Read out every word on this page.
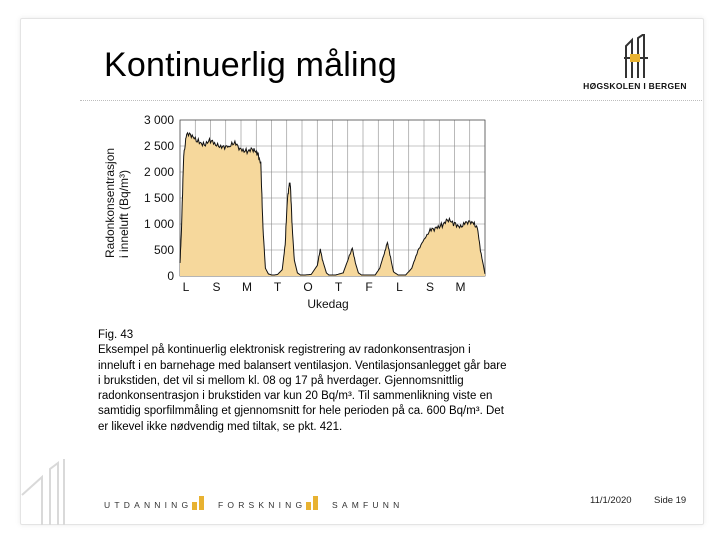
Kontinuerlig måling
HØGSKOLEN I BERGEN
0
500
1 000
1 500
2 000
2 500
3 000
L S M T O T F L S M
Radonkonsentrasjon i inneluft (Bq/m³)
Ukedag
Fig. 43
Eksempel på kontinuerlig elektronisk registrering av radonkonsentrasjon i inneluft i en barnehage med balansert ventilasjon. Ventilasjonsanlegget går bare i brukstiden, det vil si mellom kl. 08 og 17 på hverdager. Gjennomsnittlig radonkonsentrasjon i brukstiden var kun 20 Bq/m³. Til sammenlikning viste en samtidig sporfilmmåling et gjennomsnitt for hele perioden på ca. 600 Bq/m³. Det er likevel ikke nødvendig med tiltak, se pkt. 421.
UTDANNING	FORSKNING	SAMFUNN	11/1/2020 Side 19
